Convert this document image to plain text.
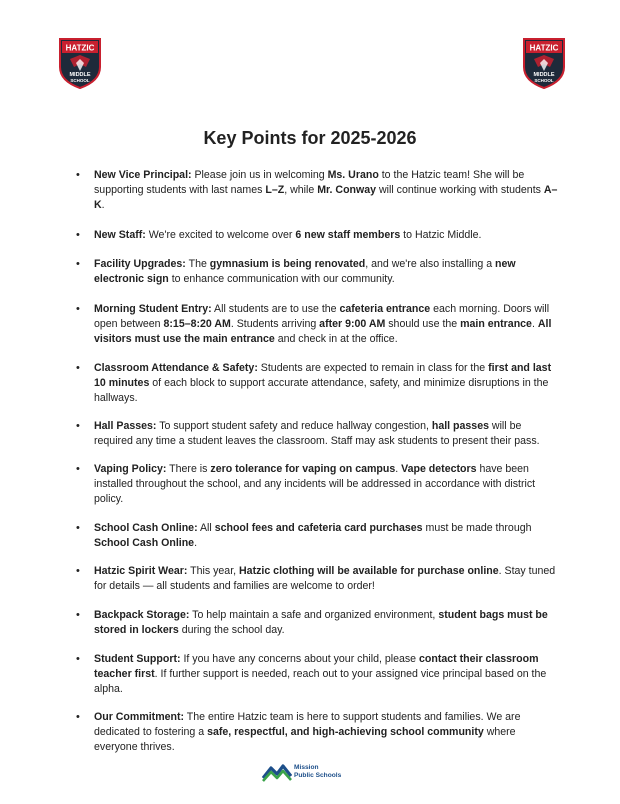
HATZIC
MIDDLE
SCHOOL
HATZIC
MIDDLE
SCHOOL
Key Points for 2025-2026
• New Vice Principal: Please join us in welcoming Ms. Urano to the Hatzic team! She will be supporting students with last names L–Z, while Mr. Conway will continue working with students A–K.
• New Staff: We're excited to welcome over 6 new staff members to Hatzic Middle.
• Facility Upgrades: The gymnasium is being renovated, and we're also installing a new electronic sign to enhance communication with our community.
• Morning Student Entry: All students are to use the cafeteria entrance each morning. Doors will open between 8:15–8:20 AM. Students arriving after 9:00 AM should use the main entrance. All visitors must use the main entrance and check in at the office.
• Classroom Attendance & Safety: Students are expected to remain in class for the first and last 10 minutes of each block to support accurate attendance, safety, and minimize disruptions in the hallways.
• Hall Passes: To support student safety and reduce hallway congestion, hall passes will be required any time a student leaves the classroom. Staff may ask students to present their pass.
• Vaping Policy: There is zero tolerance for vaping on campus. Vape detectors have been installed throughout the school, and any incidents will be addressed in accordance with district policy.
• School Cash Online: All school fees and cafeteria card purchases must be made through School Cash Online.
• Hatzic Spirit Wear: This year, Hatzic clothing will be available for purchase online. Stay tuned for details — all students and families are welcome to order!
• Backpack Storage: To help maintain a safe and organized environment, student bags must be stored in lockers during the school day.
• Student Support: If you have any concerns about your child, please contact their classroom teacher first. If further support is needed, reach out to your assigned vice principal based on the alpha.
• Our Commitment: The entire Hatzic team is here to support students and families. We are dedicated to fostering a safe, respectful, and high-achieving school community where everyone thrives.
Mission
Public Schools
